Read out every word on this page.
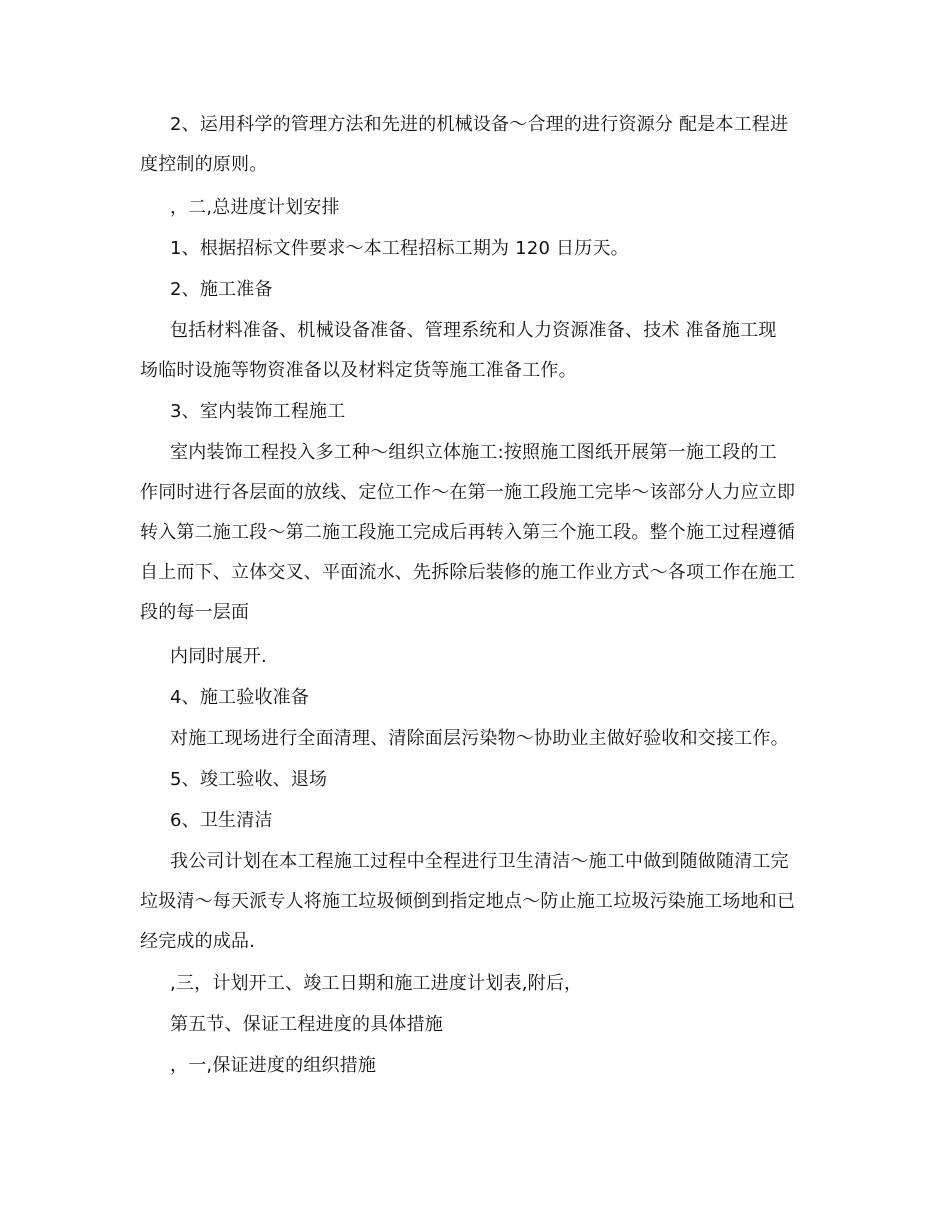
2、运用科学的管理方法和先进的机械设备～合理的进行资源分 配是本工程进
度控制的原则。
，二,总进度计划安排
1、根据招标文件要求～本工程招标工期为 120 日历天。
2、施工准备
包括材料准备、机械设备准备、管理系统和人力资源准备、技术 准备施工现
场临时设施等物资准备以及材料定货等施工准备工作。
3、室内装饰工程施工
室内装饰工程投入多工种～组织立体施工:按照施工图纸开展第一施工段的工
作同时进行各层面的放线、定位工作～在第一施工段施工完毕～该部分人力应立即
转入第二施工段～第二施工段施工完成后再转入第三个施工段。整个施工过程遵循
自上而下、立体交叉、平面流水、先拆除后装修的施工作业方式～各项工作在施工
段的每一层面
内同时展开.
4、施工验收准备
对施工现场进行全面清理、清除面层污染物～协助业主做好验收和交接工作。
5、竣工验收、退场
6、卫生清洁
我公司计划在本工程施工过程中全程进行卫生清洁～施工中做到随做随清工完
垃圾清～每天派专人将施工垃圾倾倒到指定地点～防止施工垃圾污染施工场地和已
经完成的成品.
,三，计划开工、竣工日期和施工进度计划表,附后，
第五节、保证工程进度的具体措施
，一,保证进度的组织措施
